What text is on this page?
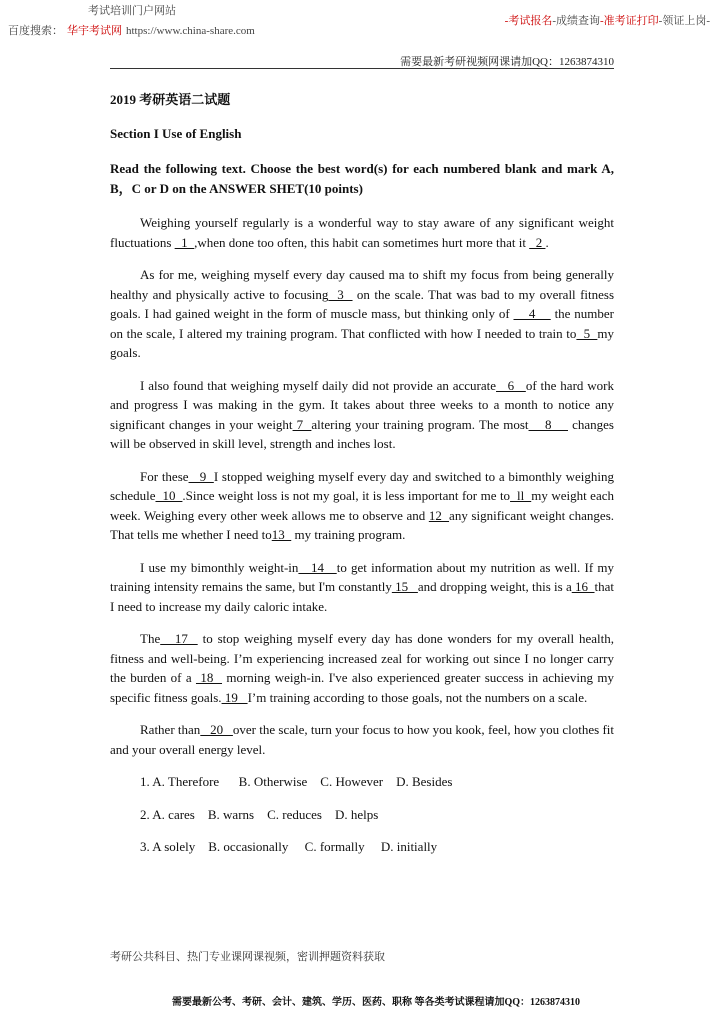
考试培训门户网站
百度搜索： 华宇考试网 https://www.china-share.com
-考试报名-成绩查询-准考证打印-领证上岗-
需要最新考研视频网课请加QQ：1263874310
2019 考研英语二试题
Section I Use of English
Read the following text. Choose the best word(s) for each numbered blank and mark A, B，C or D on the ANSWER SHET(10 points)

Weighing yourself regularly is a wonderful way to stay aware of any significant weight fluctuations   1  ,when done too often, this habit can sometimes hurt more that it   2 .

As for me, weighing myself every day caused ma to shift my focus from being generally healthy and physically active to focusing  3   on the scale. That was bad to my overall fitness goals. I had gained weight in the form of muscle mass, but thinking only of     4     the number on the scale, I altered my training program. That conflicted with how I needed to train to  5  my goals.

I also found that weighing myself daily did not provide an accurate   6   of the hard work and progress I was making in the gym. It takes about three weeks to a month to notice any significant changes in your weight 7  altering your training program. The most    8     changes will be observed in skill level, strength and inches lost.

For these   9  I stopped weighing myself every day and switched to a bimonthly weighing schedule  10  .Since weight loss is not my goal, it is less important for me to  ll  my weight each week. Weighing every other week allows me to observe and 12  any significant weight changes. That tells me whether I need to13   my training program.

I use my bimonthly weight-in   14   to get information about my nutrition as well. If my training intensity remains the same, but I'm constantly 15   and dropping weight, this is a 16  that I need to increase my daily caloric intake.

The   17   to stop weighing myself every day has done wonders for my overall health, fitness and well-being. I’m experiencing increased zeal for working out since I no longer carry the burden of a  18   morning weigh-in. I've also experienced greater success in achieving my specific fitness goals. 19   I’m training according to those goals, not the numbers on a scale.

Rather than   20   over the scale, turn your focus to how you kook, feel, how you clothes fit and your overall energy level.

1. A. Therefore      B. Otherwise    C. However    D. Besides
2. A. cares    B. warns    C. reduces    D. helps
3. A solely    B. occasionally     C. formally     D. initially
考研公共科目、热门专业课网课视频，密训押题资料获取
需要最新公考、考研、会计、建筑、学历、医药、职称 等各类考试课程请加QQ：1263874310
